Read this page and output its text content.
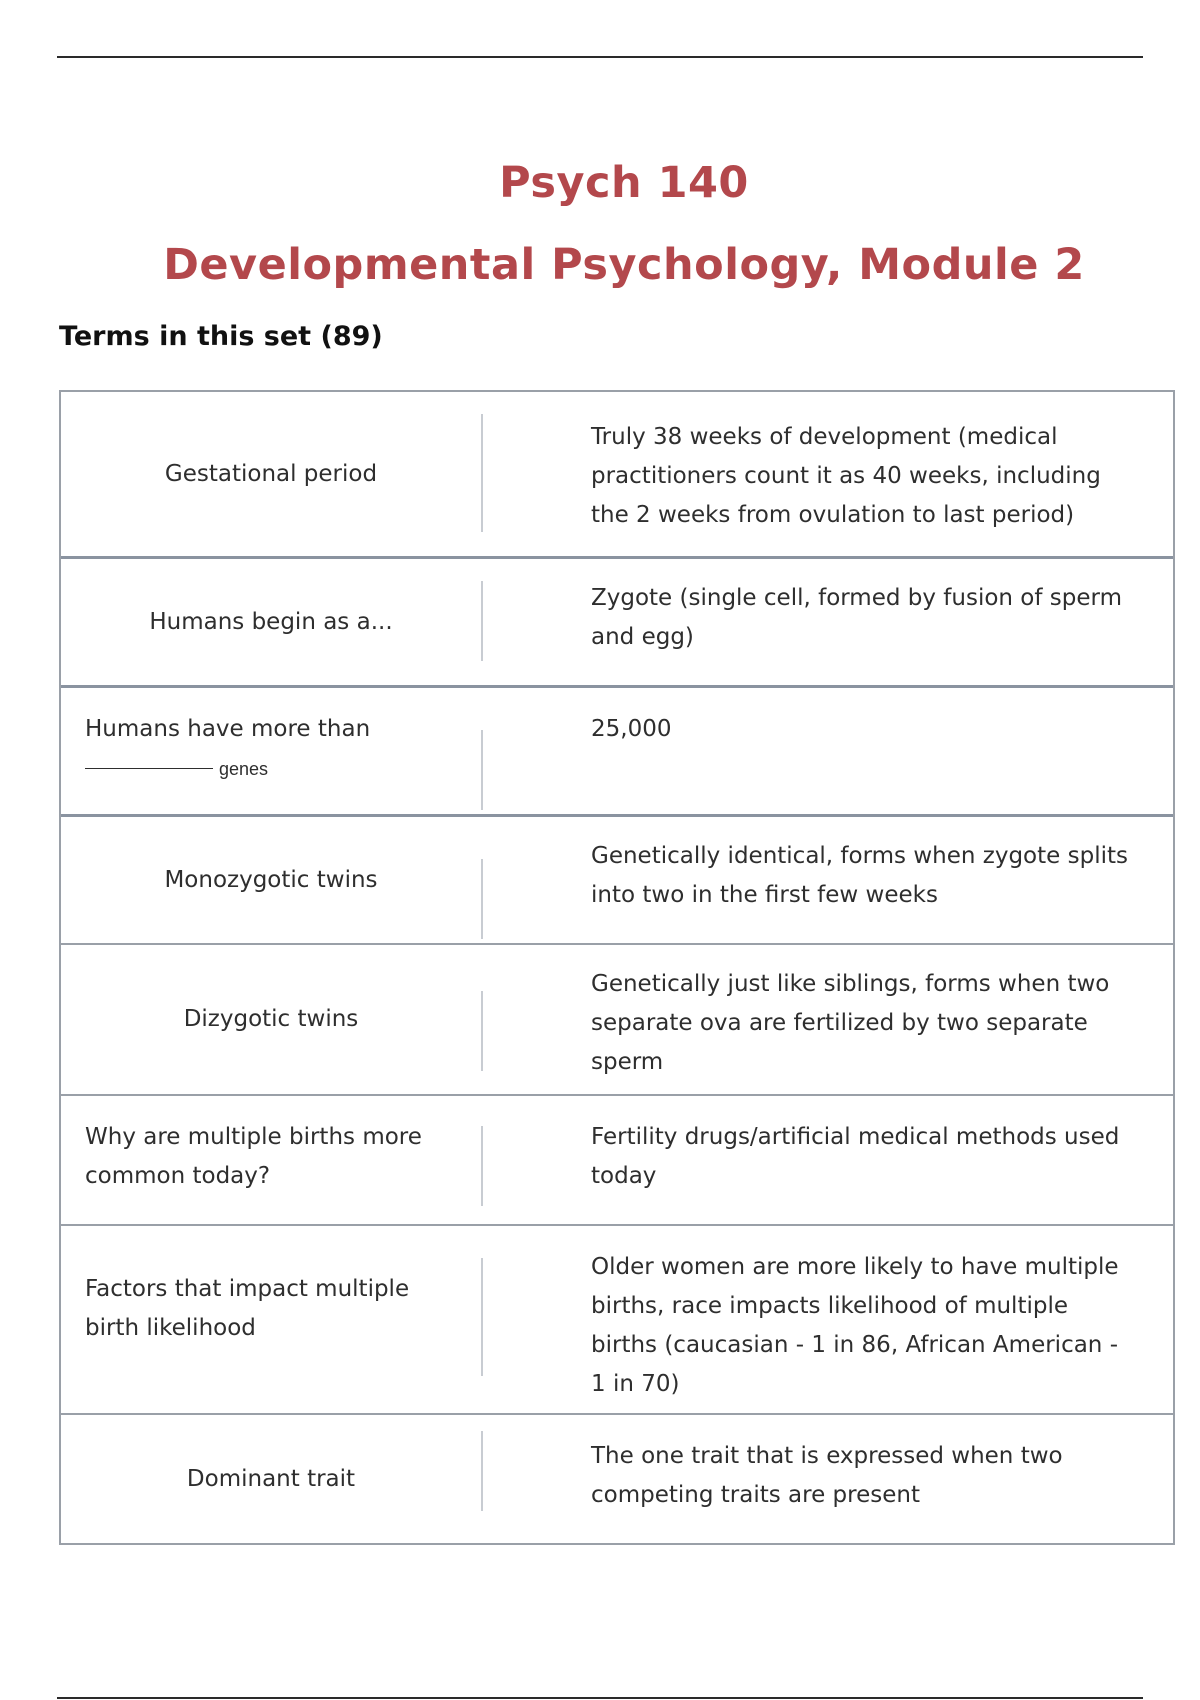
Psych 140
Developmental Psychology, Module 2
Terms in this set (89)
Gestational period
Truly 38 weeks of development (medical practitioners count it as 40 weeks, including the 2 weeks from ovulation to last period)
Humans begin as a...
Zygote (single cell, formed by fusion of sperm and egg)
Humans have more than
genes
25,000
Monozygotic twins
Genetically identical, forms when zygote splits into two in the first few weeks
Dizygotic twins
Genetically just like siblings, forms when two separate ova are fertilized by two separate sperm
Why are multiple births more common today?
Fertility drugs/artificial medical methods used today
Factors that impact multiple birth likelihood
Older women are more likely to have multiple births, race impacts likelihood of multiple births (caucasian - 1 in 86, African American - 1 in 70)
Dominant trait
The one trait that is expressed when two competing traits are present
